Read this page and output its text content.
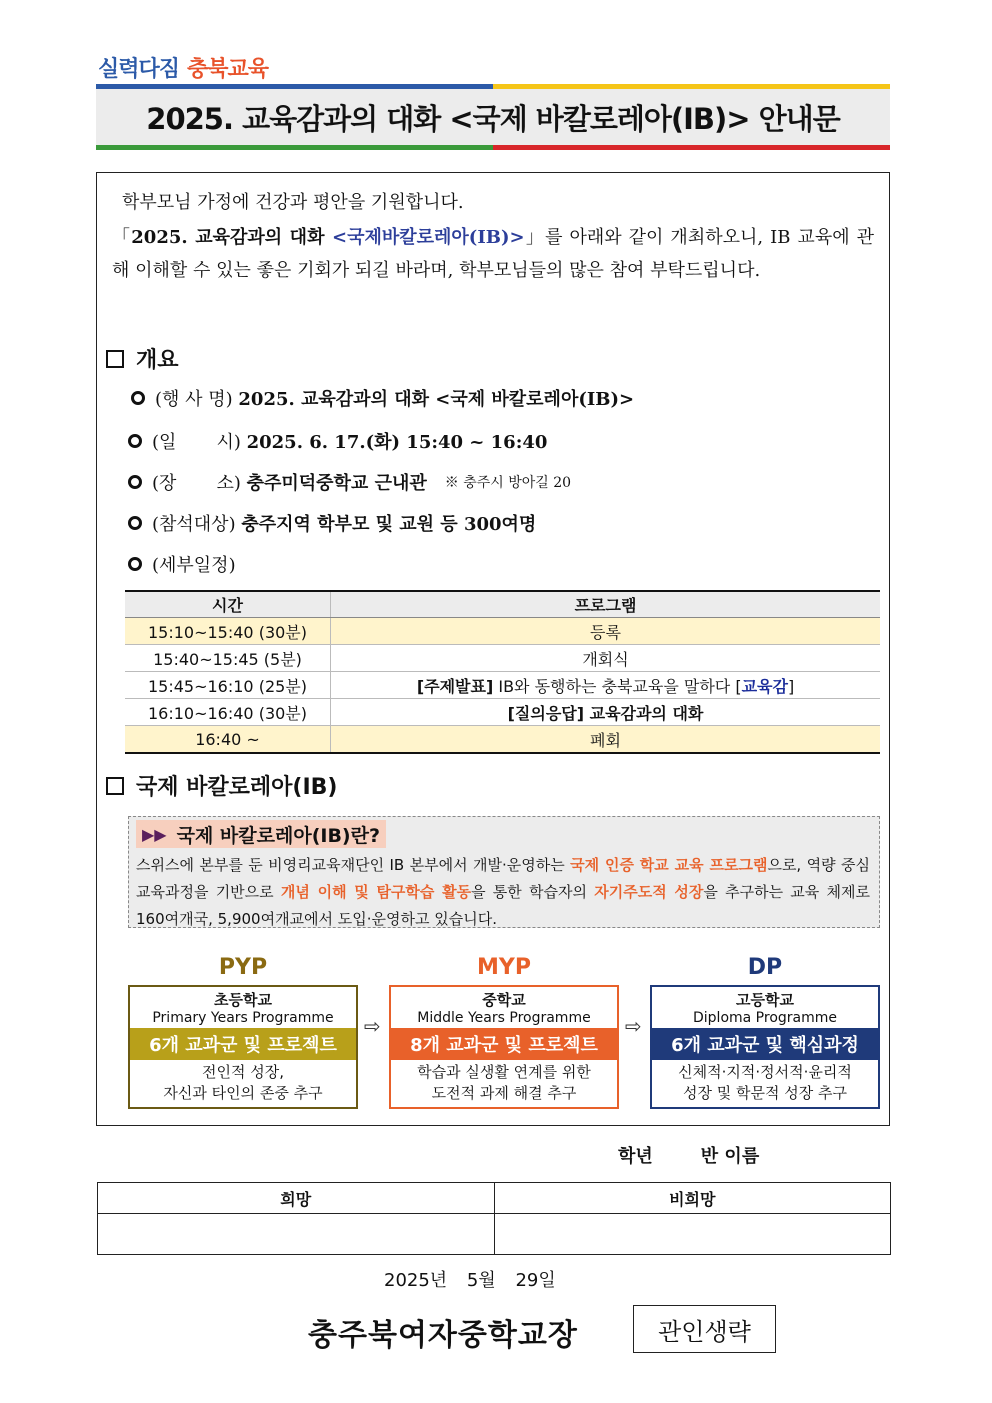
실력다짐 충북교육
2025. 교육감과의 대화 <국제 바칼로레아(IB)> 안내문
학부모님 가정에 건강과 평안을 기원합니다.
「2025. 교육감과의 대화 <국제바칼로레아(IB)>」를 아래와 같이 개최하오니, IB 교육에 관해 이해할 수 있는 좋은 기회가 되길 바라며, 학부모님들의 많은 참여 부탁드립니다.
개요
(행 사 명)
2025. 교육감과의 대화 <국제 바칼로레아(IB)>
(일       시)
2025. 6. 17.(화) 15:40 ~ 16:40
(장       소)
충주미덕중학교 근내관 ※ 충주시 방아길 20
(참석대상)
충주지역 학부모 및 교원 등 300여명
(세부일정)
시간	프로그램
15:10~15:40 (30분)	등록
15:40~15:45 (5분)	개회식
15:45~16:10 (25분)	[주제발표] IB와 동행하는 충북교육을 말하다 [교육감]
16:10~16:40 (30분)	[질의응답] 교육감과의 대화
16:40 ~	폐회
국제 바칼로레아(IB)
▶▶ 국제 바칼로레아(IB)란?
스위스에 본부를 둔 비영리교육재단인 IB 본부에서 개발·운영하는 국제 인증 학교 교육 프로그램으로, 역량 중심 교육과정을 기반으로 개념 이해 및 탐구학습 활동을 통한 학습자의 자기주도적 성장을 추구하는 교육 체제로 160여개국, 5,900여개교에서 도입·운영하고 있습니다.
PYP
초등학교
Primary Years Programme
6개 교과군 및 프로젝트
전인적 성장,
자신과 타인의 존중 추구
⇨
MYP
중학교
Middle Years Programme
8개 교과군 및 프로젝트
학습과 실생활 연계를 위한
도전적 과제 해결 추구
⇨
DP
고등학교
Diploma Programme
6개 교과군 및 핵심과정
신체적·지적·정서적·윤리적
성장 및 학문적 성장 추구
학년	반 이름
희망	비희망

2025년 5월 29일
충주북여자중학교장	관인생략
